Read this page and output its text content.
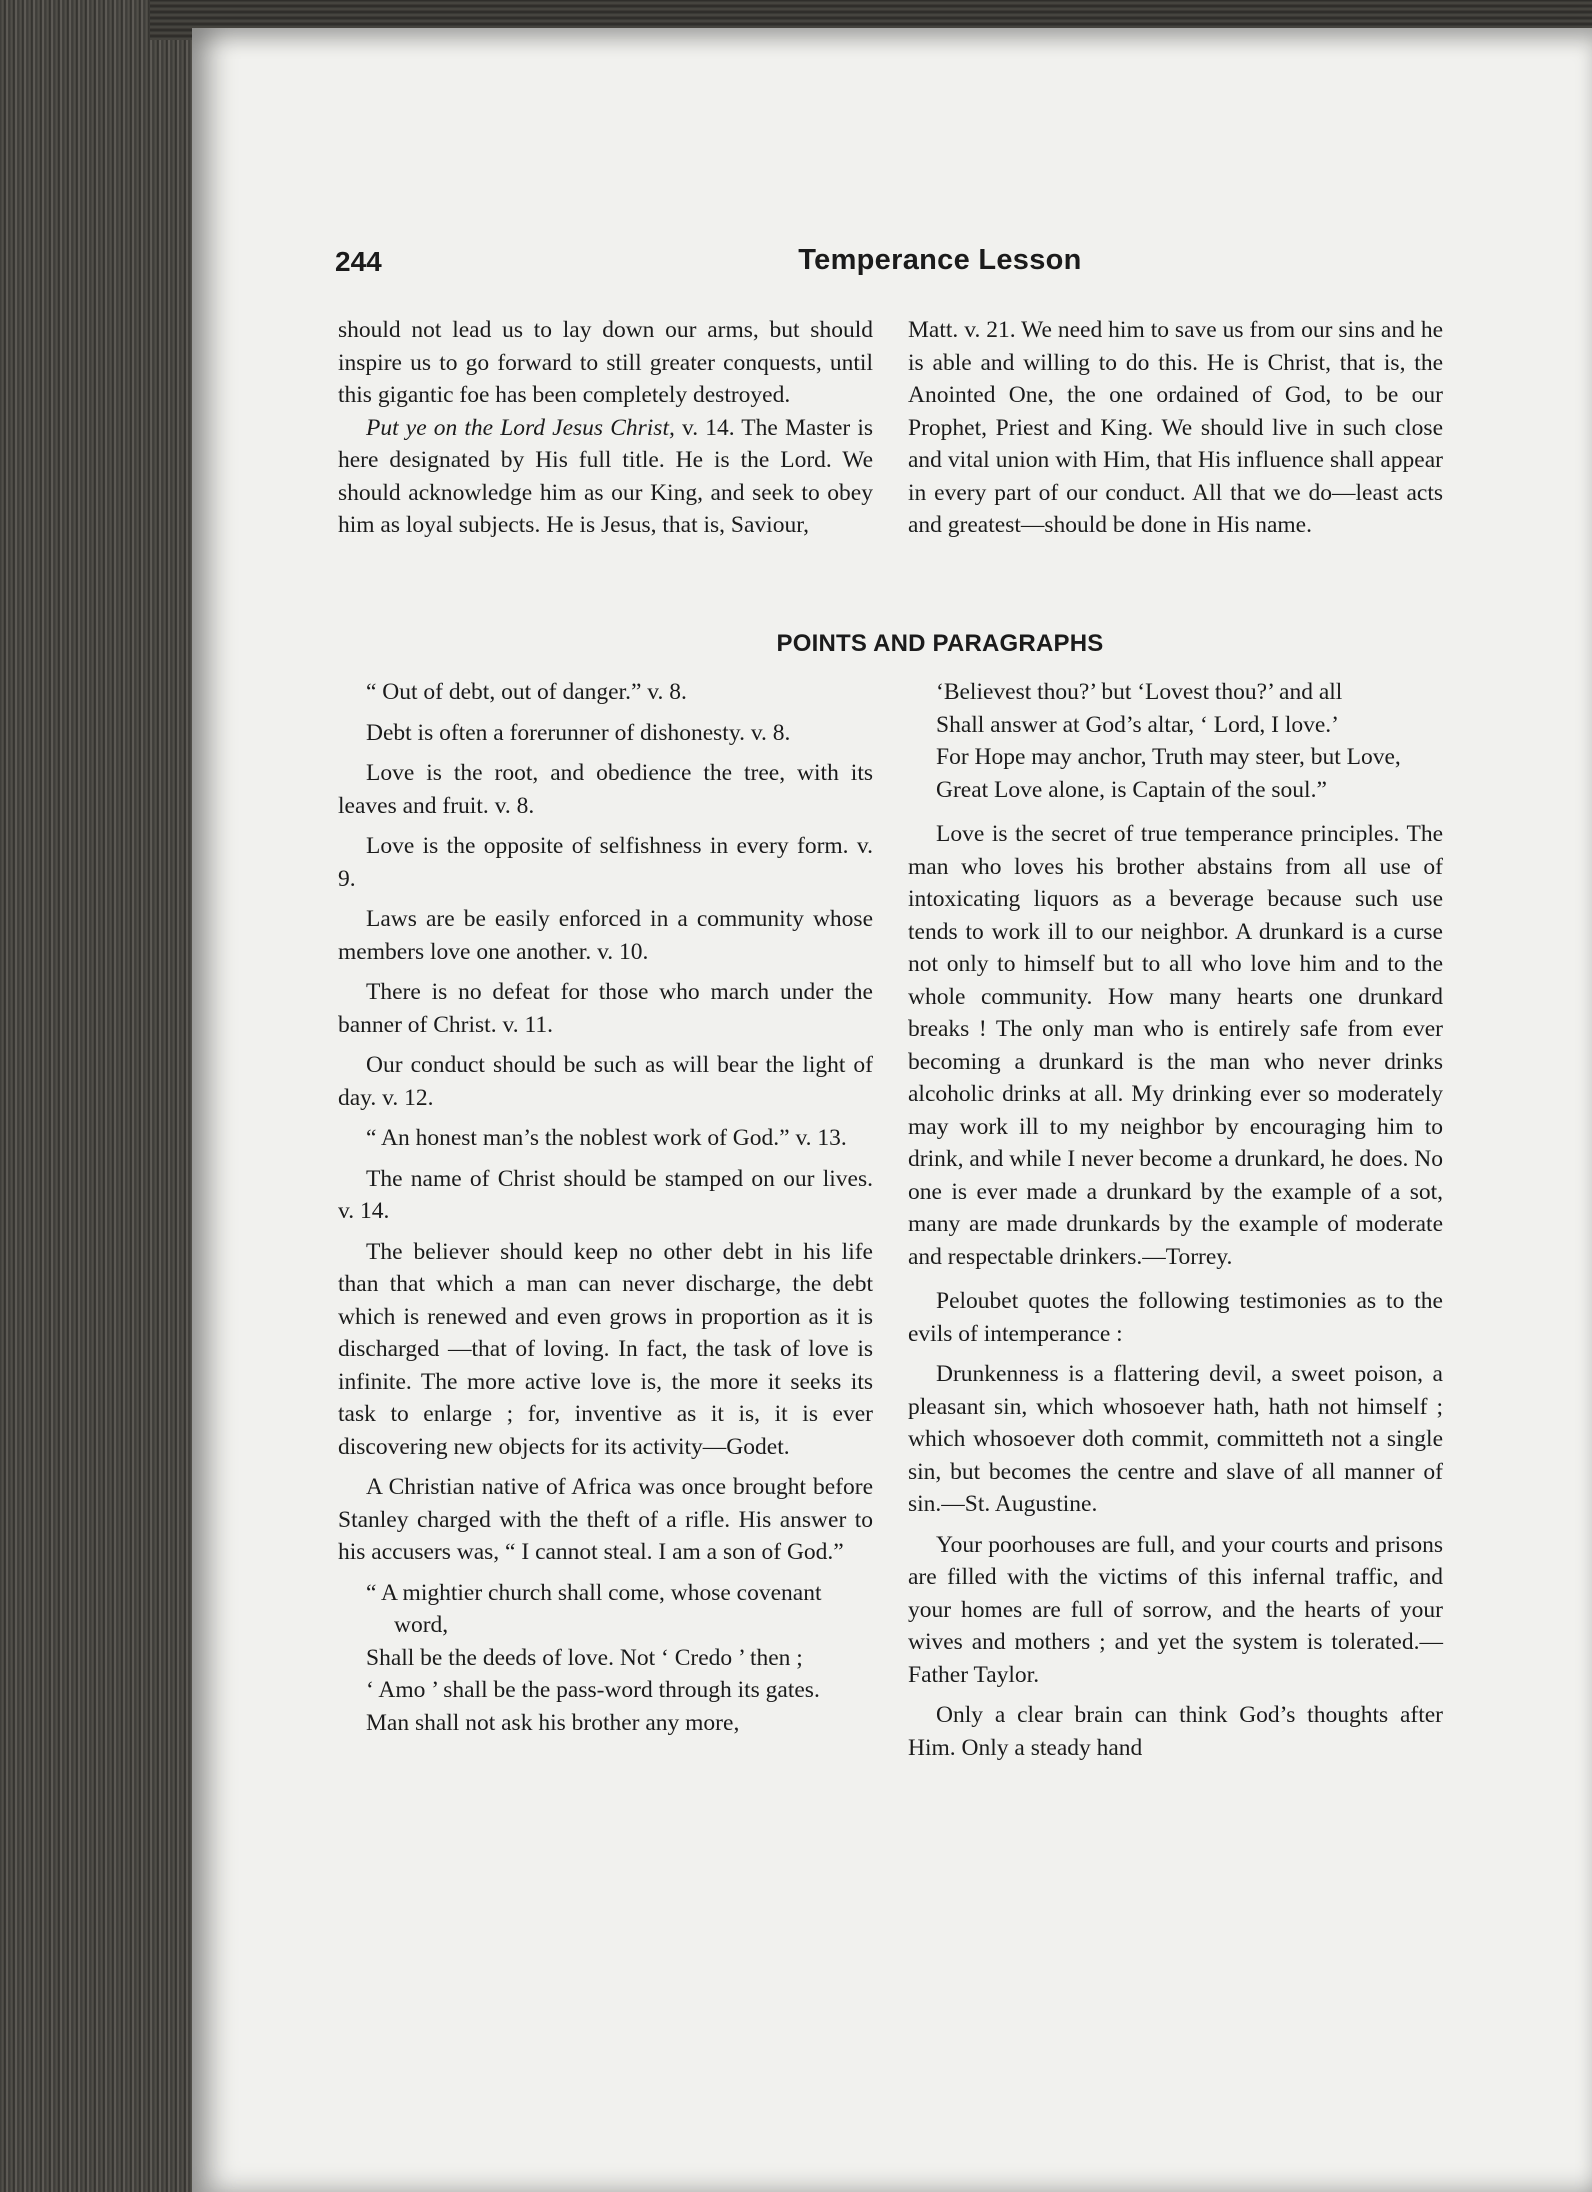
244	Temperance Lesson

should not lead us to lay down our arms, but should inspire us to go forward to still greater conquests, until this gigantic foe has been completely destroyed.

Put ye on the Lord Jesus Christ, v. 14. The Master is here designated by His full title. He is the Lord. We should acknowledge him as our King, and seek to obey him as loyal subjects. He is Jesus, that is, Saviour,

Matt. v. 21. We need him to save us from our sins and he is able and willing to do this. He is Christ, that is, the Anointed One, the one ordained of God, to be our Prophet, Priest and King. We should live in such close and vital union with Him, that His influence shall appear in every part of our conduct. All that we do—least acts and greatest—should be done in His name.

POINTS AND PARAGRAPHS

“ Out of debt, out of danger.” v. 8.

Debt is often a forerunner of dishonesty. v. 8.

Love is the root, and obedience the tree, with its leaves and fruit. v. 8.

Love is the opposite of selfishness in every form. v. 9.

Laws are be easily enforced in a community whose members love one another. v. 10.

There is no defeat for those who march under the banner of Christ. v. 11.

Our conduct should be such as will bear the light of day. v. 12.

“ An honest man’s the noblest work of God.” v. 13.

The name of Christ should be stamped on our lives. v. 14.

The believer should keep no other debt in his life than that which a man can never discharge, the debt which is renewed and even grows in proportion as it is discharged —that of loving. In fact, the task of love is infinite. The more active love is, the more it seeks its task to enlarge ; for, inventive as it is, it is ever discovering new objects for its activity—Godet.

A Christian native of Africa was once brought before Stanley charged with the theft of a rifle. His answer to his accusers was, “ I cannot steal. I am a son of God.”

“ A mightier church shall come, whose covenant word,

Shall be the deeds of love. Not ‘ Credo ’ then ;

‘ Amo ’ shall be the pass-word through its gates.

Man shall not ask his brother any more,

‘Believest thou?’ but ‘Lovest thou?’ and all

Shall answer at God’s altar, ‘ Lord, I love.’

For Hope may anchor, Truth may steer, but Love,

Great Love alone, is Captain of the soul.”

Love is the secret of true temperance principles. The man who loves his brother abstains from all use of intoxicating liquors as a beverage because such use tends to work ill to our neighbor. A drunkard is a curse not only to himself but to all who love him and to the whole community. How many hearts one drunkard breaks ! The only man who is entirely safe from ever becoming a drunkard is the man who never drinks alcoholic drinks at all. My drinking ever so moderately may work ill to my neighbor by encouraging him to drink, and while I never become a drunkard, he does. No one is ever made a drunkard by the example of a sot, many are made drunkards by the example of moderate and respectable drinkers.—Torrey.

Peloubet quotes the following testimonies as to the evils of intemperance :

Drunkenness is a flattering devil, a sweet poison, a pleasant sin, which whosoever hath, hath not himself ; which whosoever doth commit, committeth not a single sin, but becomes the centre and slave of all manner of sin.—St. Augustine.

Your poorhouses are full, and your courts and prisons are filled with the victims of this infernal traffic, and your homes are full of sorrow, and the hearts of your wives and mothers ; and yet the system is tolerated.— Father Taylor.

Only a clear brain can think God’s thoughts after Him. Only a steady hand
